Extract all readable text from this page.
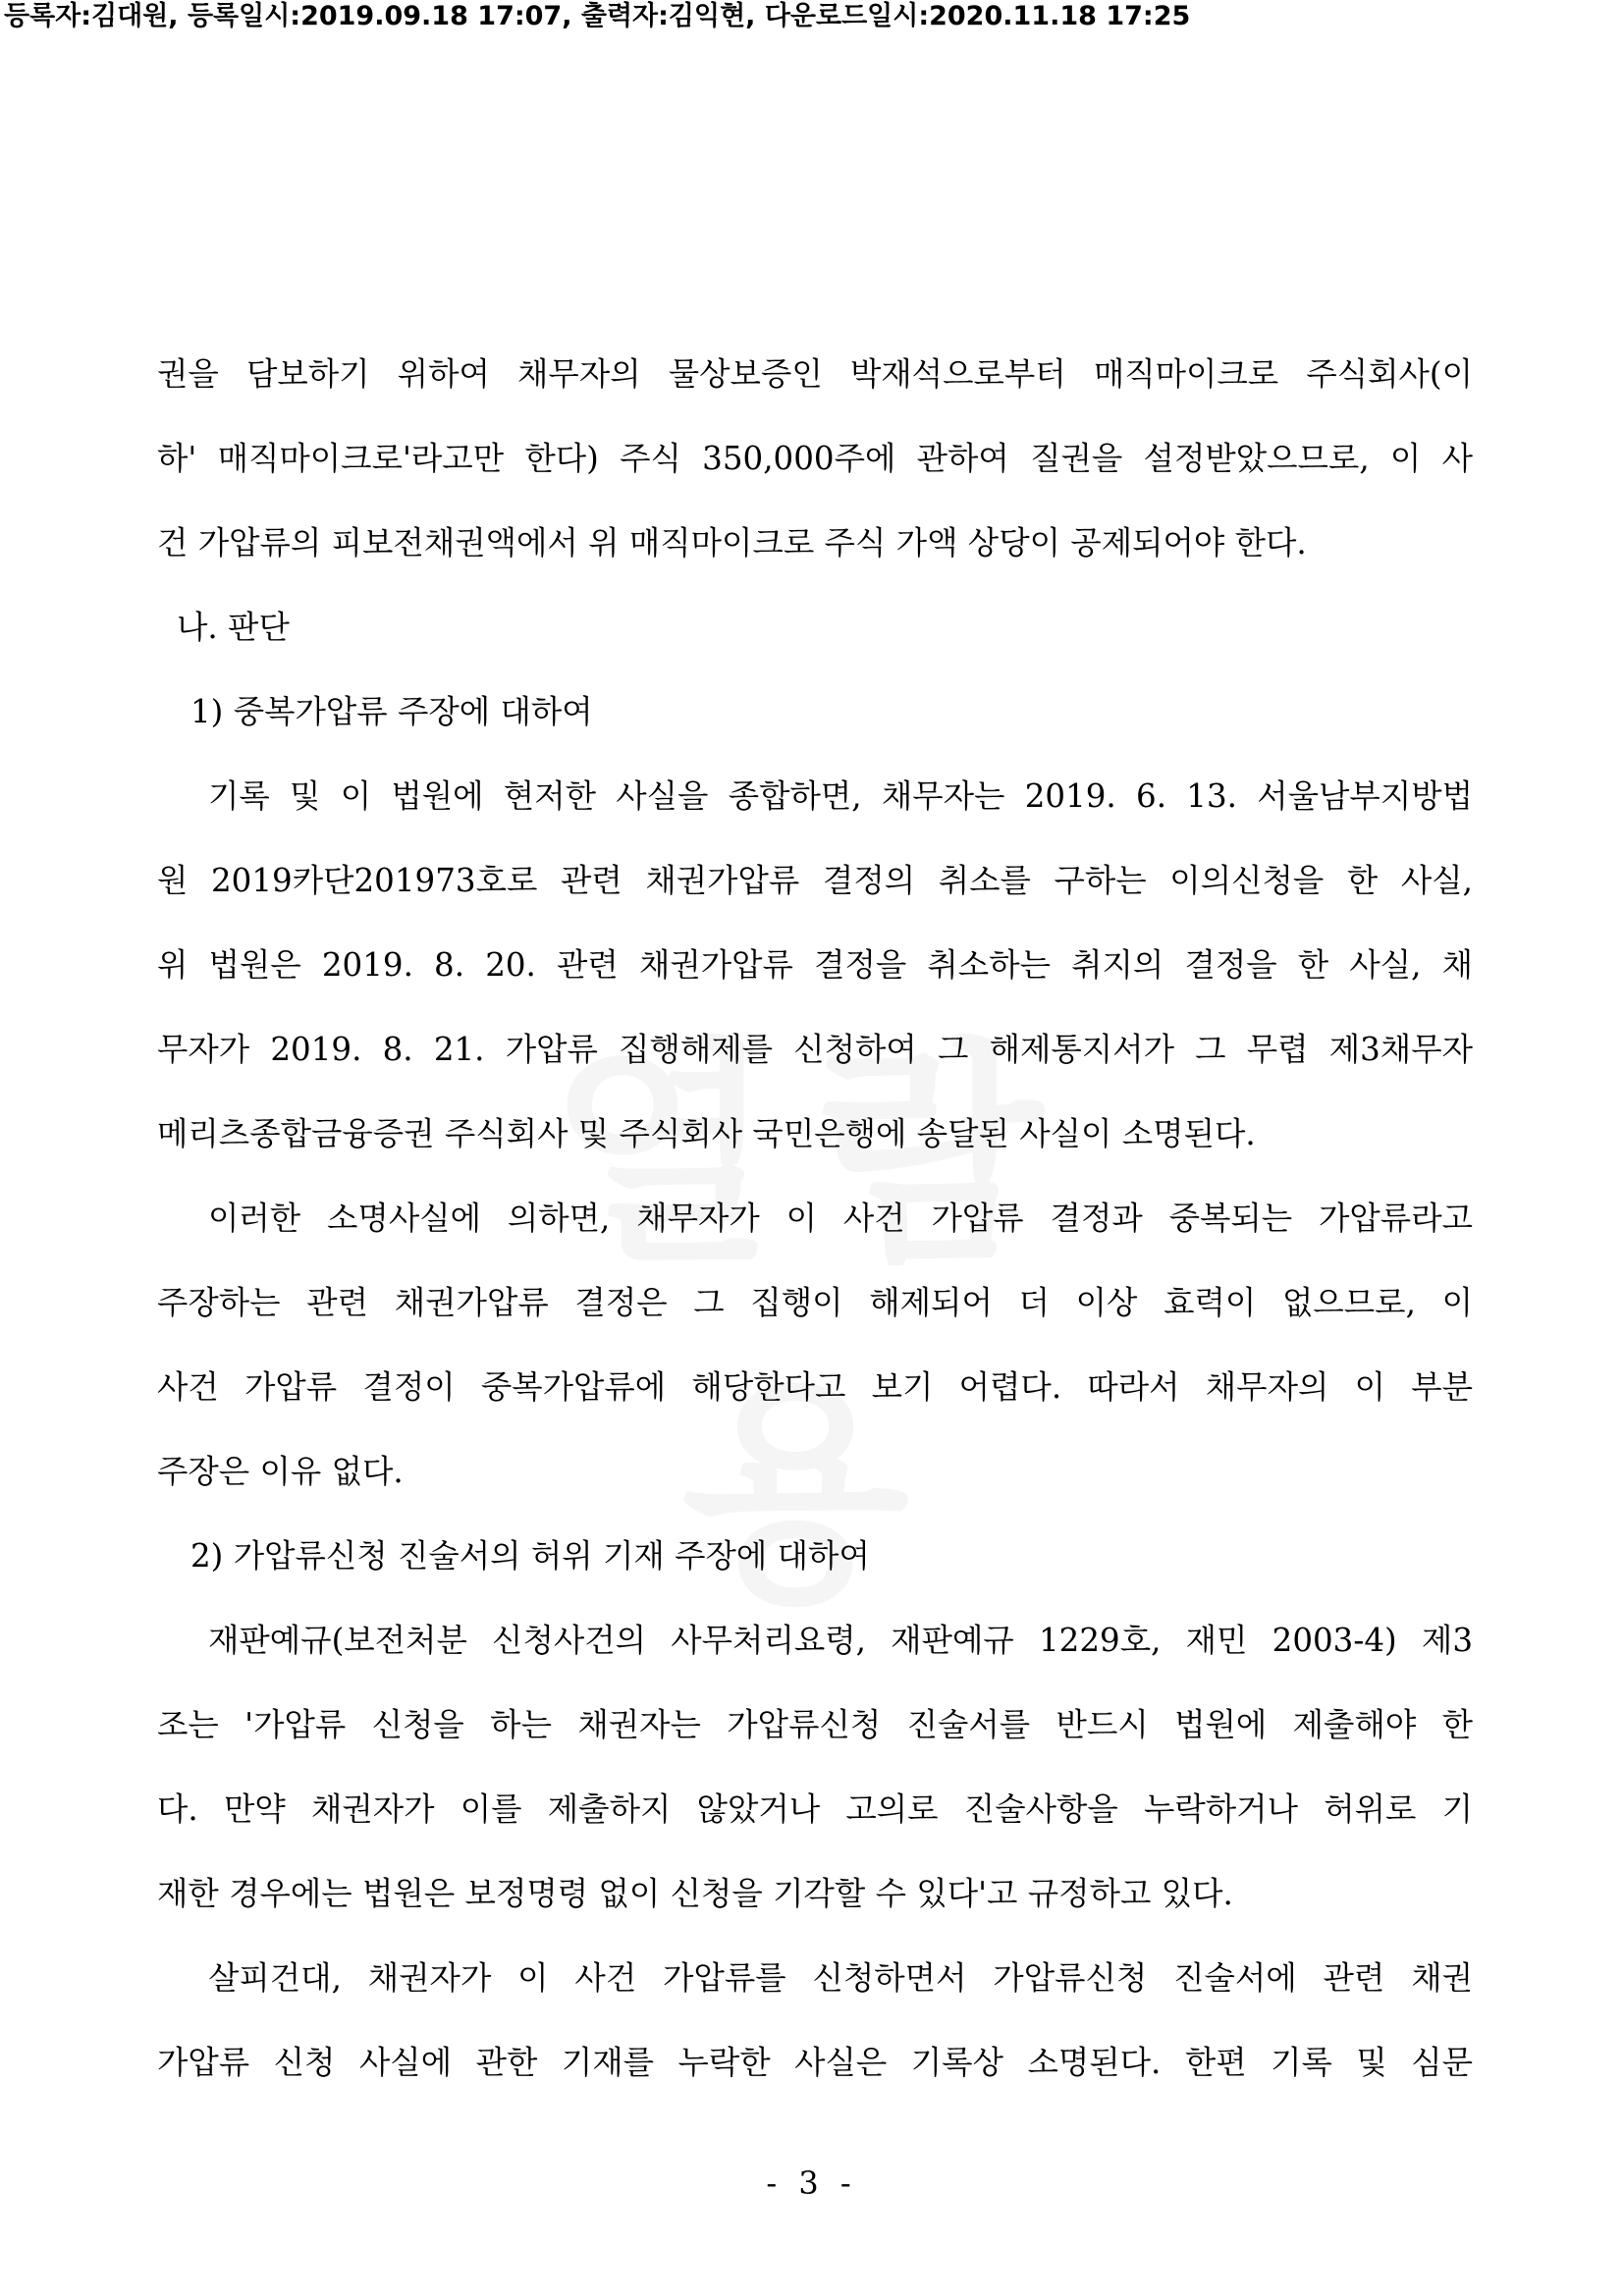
등록자:김대원, 등록일시:2019.09.18 17:07, 출력자:김익현, 다운로드일시:2020.11.18 17:25
권을 담보하기 위하여 채무자의 물상보증인 박재석으로부터 매직마이크로 주식회사(이
하' 매직마이크로'라고만 한다) 주식 350,000주에 관하여 질권을 설정받았으므로, 이 사
건 가압류의 피보전채권액에서 위 매직마이크로 주식 가액 상당이 공제되어야 한다.
나. 판단
1) 중복가압류 주장에 대하여
기록 및 이 법원에 현저한 사실을 종합하면, 채무자는 2019. 6. 13. 서울남부지방법
원 2019카단201973호로 관련 채권가압류 결정의 취소를 구하는 이의신청을 한 사실,
위 법원은 2019. 8. 20. 관련 채권가압류 결정을 취소하는 취지의 결정을 한 사실, 채
무자가 2019. 8. 21. 가압류 집행해제를 신청하여 그 해제통지서가 그 무렵 제3채무자
메리츠종합금융증권 주식회사 및 주식회사 국민은행에 송달된 사실이 소명된다.
이러한 소명사실에 의하면, 채무자가 이 사건 가압류 결정과 중복되는 가압류라고
주장하는 관련 채권가압류 결정은 그 집행이 해제되어 더 이상 효력이 없으므로, 이
사건 가압류 결정이 중복가압류에 해당한다고 보기 어렵다. 따라서 채무자의 이 부분
주장은 이유 없다.
2) 가압류신청 진술서의 허위 기재 주장에 대하여
재판예규(보전처분 신청사건의 사무처리요령, 재판예규 1229호, 재민 2003-4) 제3
조는 '가압류 신청을 하는 채권자는 가압류신청 진술서를 반드시 법원에 제출해야 한
다. 만약 채권자가 이를 제출하지 않았거나 고의로 진술사항을 누락하거나 허위로 기
재한 경우에는 법원은 보정명령 없이 신청을 기각할 수 있다'고 규정하고 있다.
살피건대, 채권자가 이 사건 가압류를 신청하면서 가압류신청 진술서에 관련 채권
가압류 신청 사실에 관한 기재를 누락한 사실은 기록상 소명된다. 한편 기록 및 심문
- 3 -
